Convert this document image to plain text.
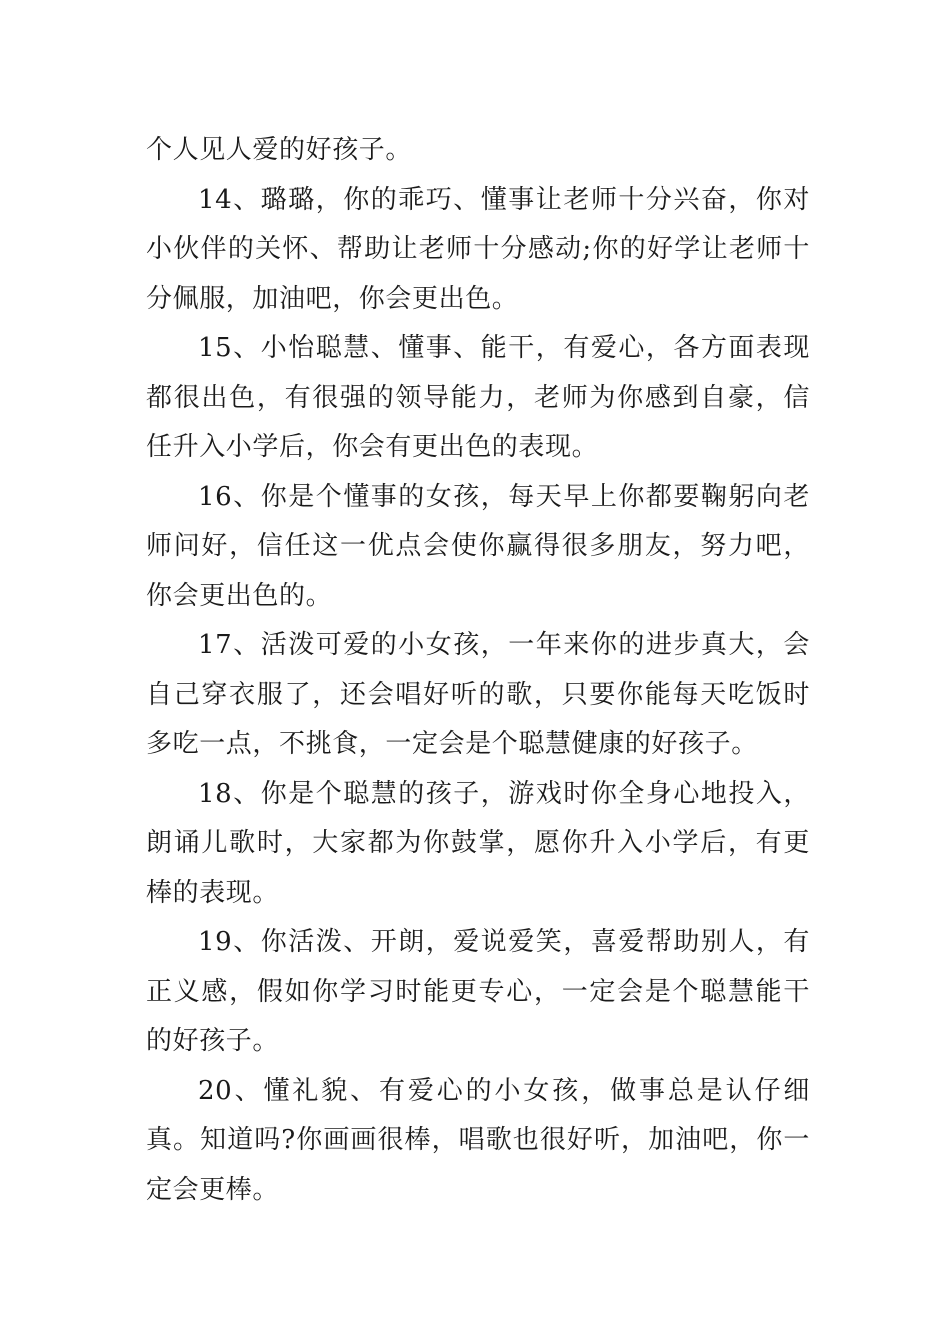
个人见人爱的好孩子。

14、璐璐，你的乖巧、懂事让老师十分兴奋，你对小伙伴的关怀、帮助让老师十分感动;你的好学让老师十分佩服，加油吧，你会更出色。

15、小怡聪慧、懂事、能干，有爱心，各方面表现都很出色，有很强的领导能力，老师为你感到自豪，信任升入小学后，你会有更出色的表现。

16、你是个懂事的女孩，每天早上你都要鞠躬向老师问好，信任这一优点会使你赢得很多朋友，努力吧，你会更出色的。

17、活泼可爱的小女孩，一年来你的进步真大，会自己穿衣服了，还会唱好听的歌，只要你能每天吃饭时多吃一点，不挑食，一定会是个聪慧健康的好孩子。

18、你是个聪慧的孩子，游戏时你全身心地投入，朗诵儿歌时，大家都为你鼓掌，愿你升入小学后，有更棒的表现。

19、你活泼、开朗，爱说爱笑，喜爱帮助别人，有正义感，假如你学习时能更专心，一定会是个聪慧能干的好孩子。

20、懂礼貌、有爱心的小女孩，做事总是认仔细真。知道吗?你画画很棒，唱歌也很好听，加油吧，你一定会更棒。
